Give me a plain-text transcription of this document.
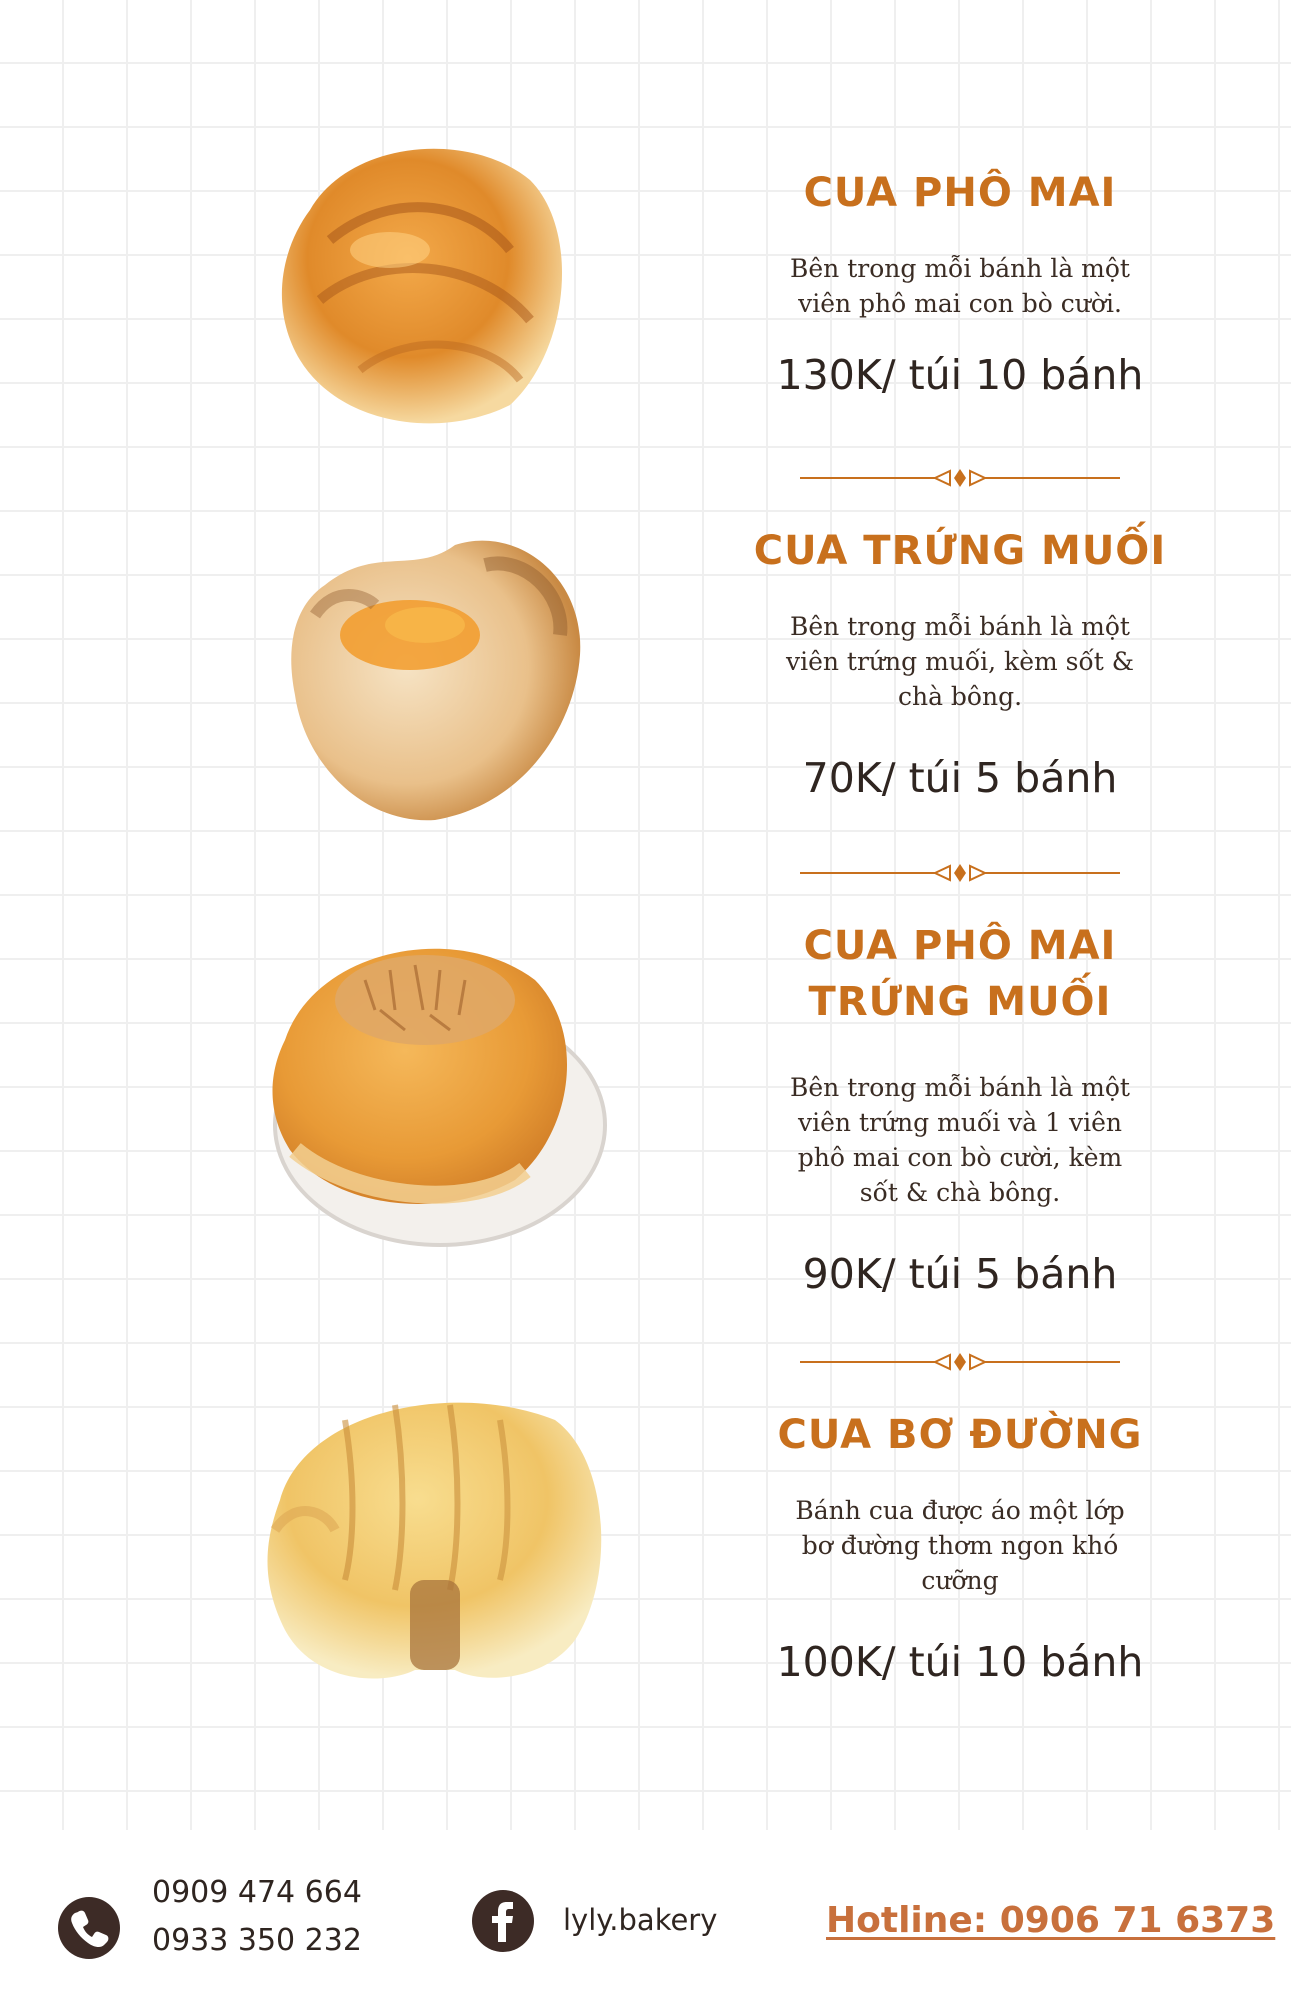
CUA PHÔ MAI

Bên trong mỗi bánh là một viên phô mai con bò cười.

130K/ túi 10 bánh

CUA TRỨNG MUỐI

Bên trong mỗi bánh là một viên trứng muối, kèm sốt & chà bông.

70K/ túi 5 bánh

CUA PHÔ MAI
TRỨNG MUỐI

Bên trong mỗi bánh là một viên trứng muối và 1 viên phô mai con bò cười, kèm sốt & chà bông.

90K/ túi 5 bánh

CUA BƠ ĐƯỜNG

Bánh cua được áo một lớp bơ đường thơm ngon khó cưỡng

100K/ túi 10 bánh

0909 474 664
0933 350 232
lyly.bakery	Hotline: 0906 71 6373
